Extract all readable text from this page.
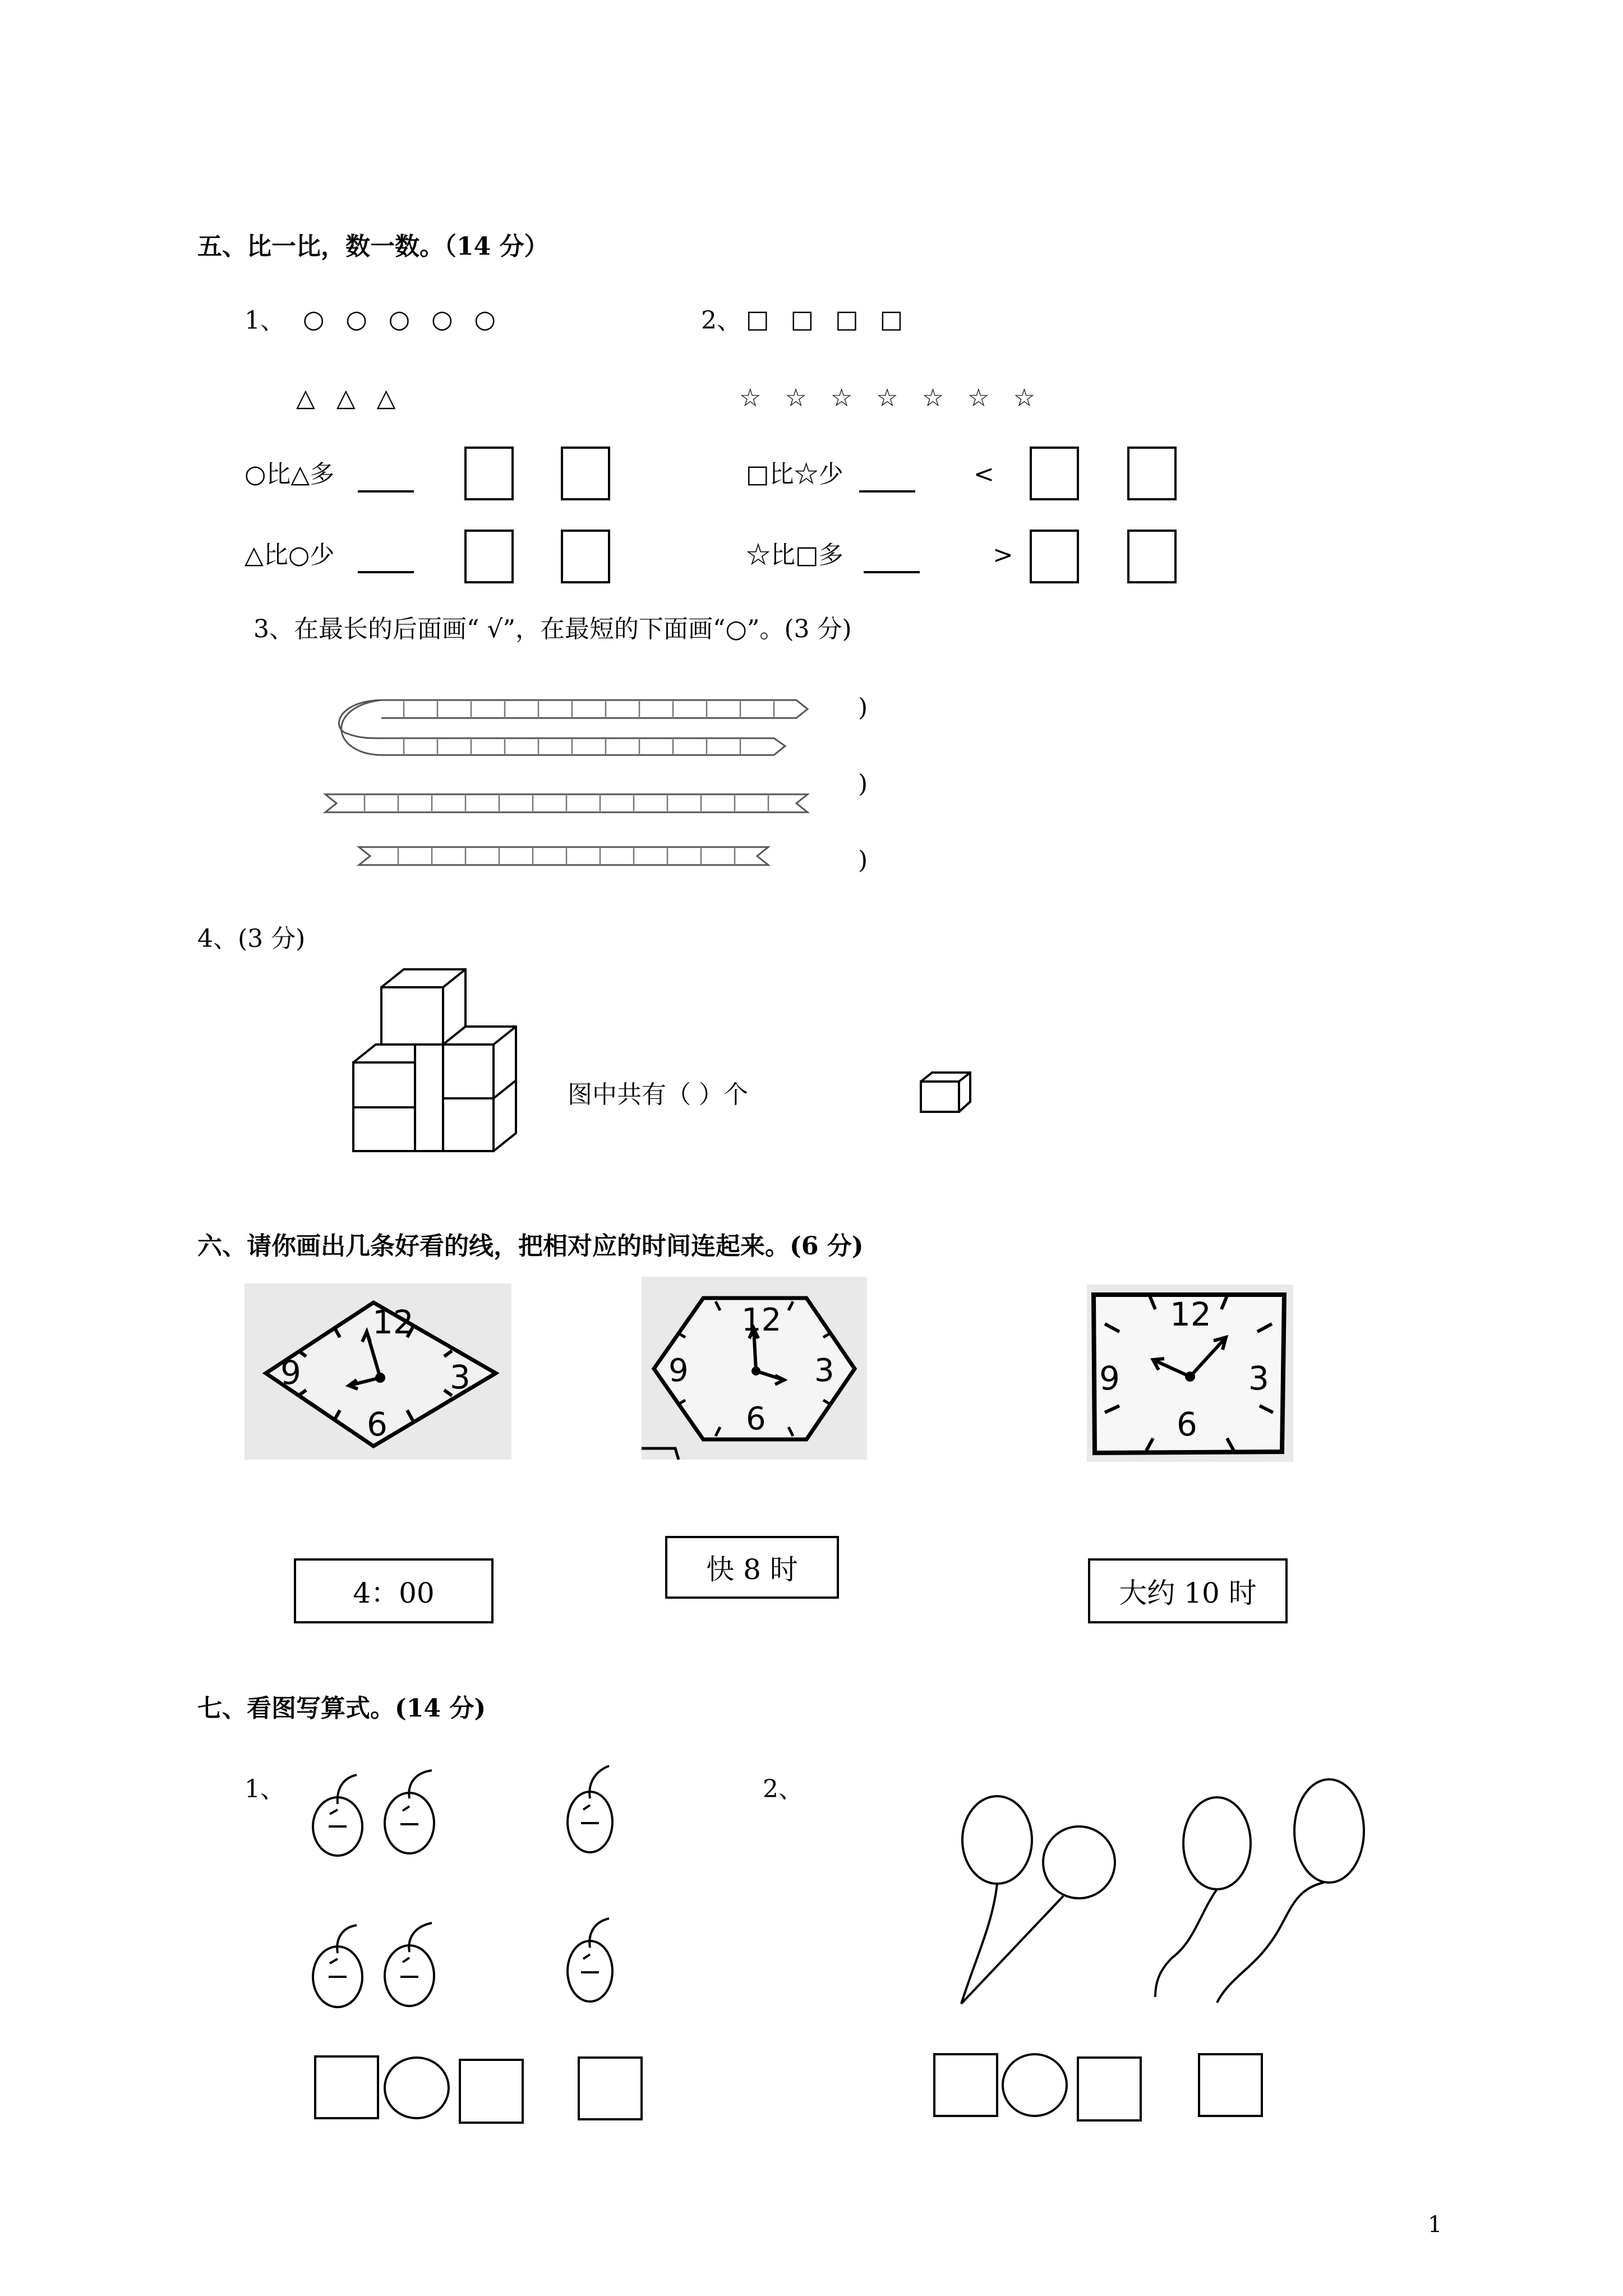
五、比一比，数一数。（14 分）
1、 ○ ○ ○ ○ ○
△ △ △
2、 □ □ □ □
☆ ☆ ☆ ☆ ☆ ☆ ☆
○比△多	□比☆少	<
△比○少	☆比□多	>
3、在最长的后面画“ √”，在最短的下面画“○”。(3 分)
)
)
)
4、(3 分)
图中共有（ ）个
六、请你画出几条好看的线，把相对应的时间连起来。(6 分)
12
3
6
9
12
3
6
9
12
3
6
9
4：00
快 8 时
大约 10 时
七、看图写算式。(14 分)
1、	2、
1
